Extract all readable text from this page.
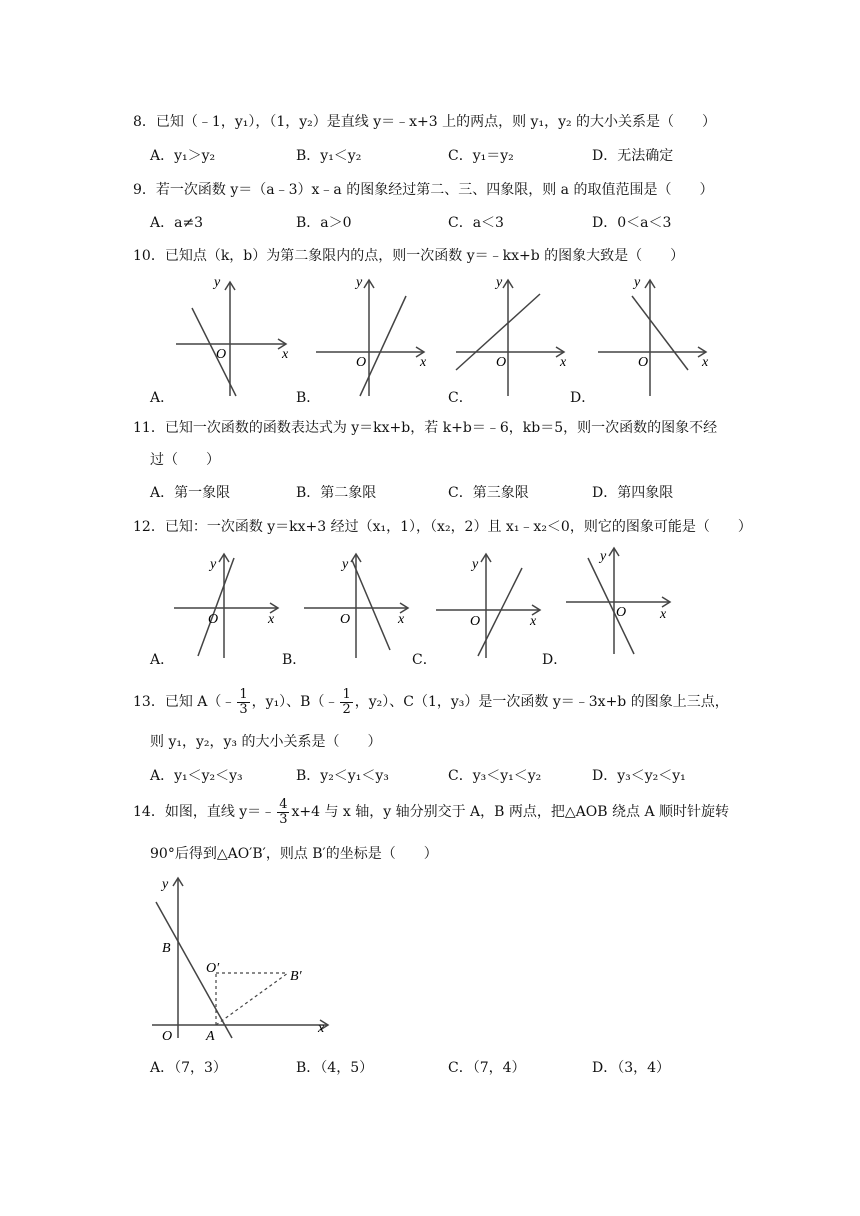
8．已知（﹣1，y₁），（1，y₂）是直线 y＝﹣x+3 上的两点，则 y₁，y₂ 的大小关系是（　　）
A．y₁＞y₂	B．y₁＜y₂	C．y₁＝y₂	D．无法确定
9．若一次函数 y＝（a﹣3）x﹣a 的图象经过第二、三、四象限，则 a 的取值范围是（　　）
A．a≠3	B．a＞0	C．a＜3	D．0＜a＜3
10．已知点（k，b）为第二象限内的点，则一次函数 y＝﹣kx+b 的图象大致是（　　）
y
x
O
A．
y
x
O
B．
y
x
O
C．
y
x
O
D．
11．已知一次函数的函数表达式为 y＝kx+b，若 k+b＝﹣6，kb＝5，则一次函数的图象不经
过（　　）
A．第一象限	B．第二象限	C．第三象限	D．第四象限
12．已知：一次函数 y＝kx+3 经过（x₁，1），（x₂，2）且 x₁﹣x₂＜0，则它的图象可能是（　　）
y
x
O
A．
y
x
O
B．
y
x
O
C．
y
x
O
D．
13．已知 A（﹣ $\frac{1}{3}$ ，y₁）、B（﹣ $\frac{1}{2}$ ，y₂）、C（1，y₃）是一次函数 y＝﹣3x+b 的图象上三点，
则 y₁，y₂，y₃ 的大小关系是（　　）
A．y₁＜y₂＜y₃	B．y₂＜y₁＜y₃	C．y₃＜y₁＜y₂	D．y₃＜y₂＜y₁
14．如图，直线 y＝﹣ $\frac{4}{3} x+4$ 与 x 轴，y 轴分别交于 A，B 两点，把△AOB 绕点 A 顺时针旋转
90°后得到△AO′B′，则点 B′的坐标是（　　）
y
x
O A
B
O′
B′
A．（7，3）	B．（4，5）	C．（7，4）	D．（3，4）
